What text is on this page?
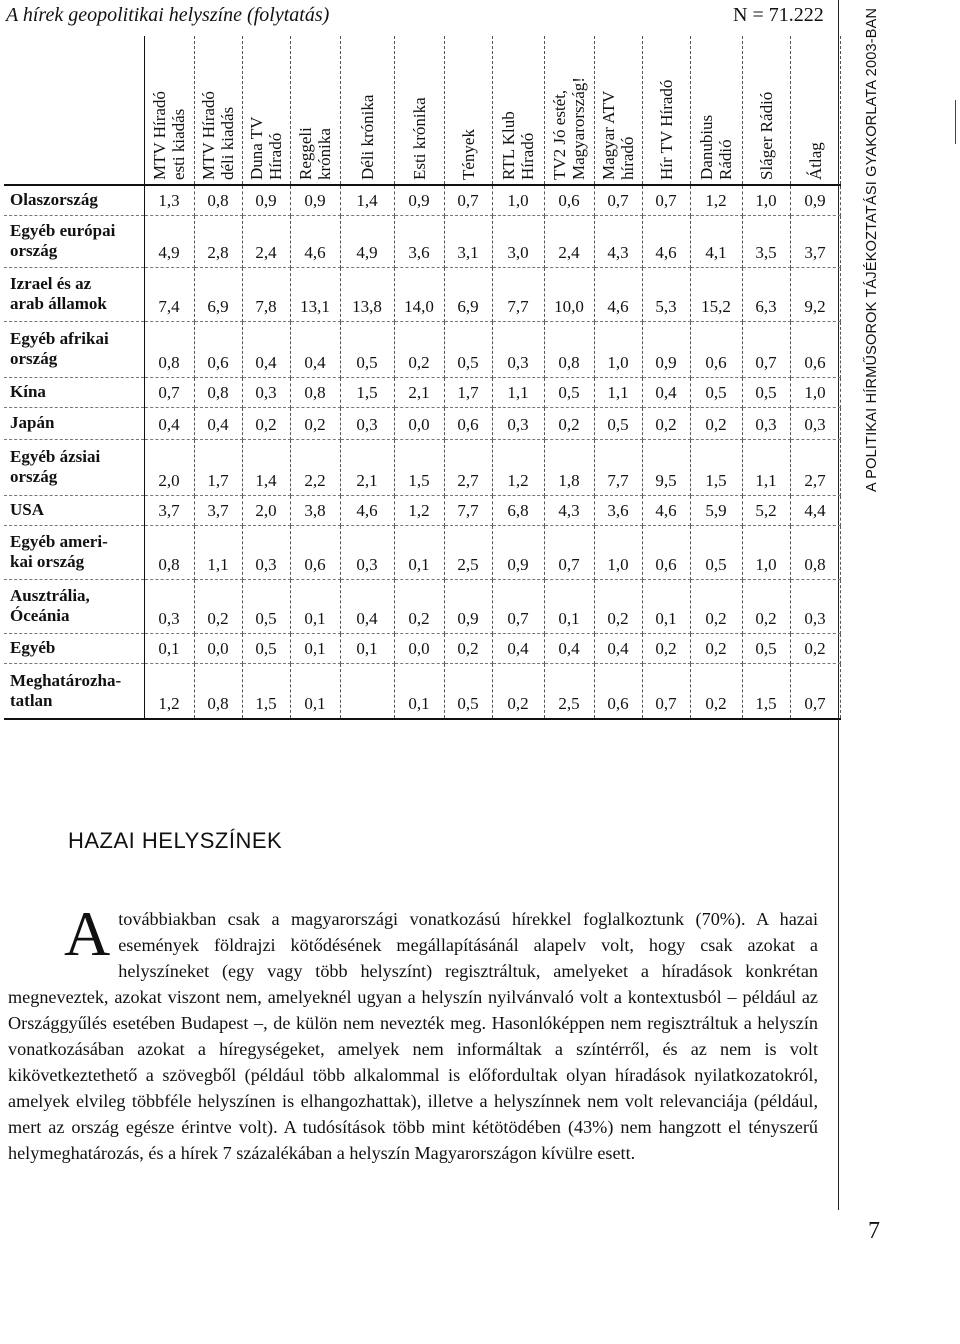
A hírek geopolitikai helyszíne (folytatás)	N = 71.222	A POLITIKAI HÍRMŰSOROK TÁJÉKOZTATÁSI GYAKORLATA 2003-BAN

	MTV Híradó esti kiadás	MTV Híradó déli kiadás	Duna TV Híradó	Reggeli krónika	Déli krónika	Esti krónika	Tények	RTL Klub Híradó	TV2 Jó estét, Magyarország!	Magyar ATV híradó	Hír TV Híradó	Danubius Rádió	Sláger Rádió	Átlag

Olaszország	1,3	0,8	0,9	0,9	1,4	0,9	0,7	1,0	0,6	0,7	0,7	1,2	1,0	0,9

Egyéb európai
ország	4,9	2,8	2,4	4,6	4,9	3,6	3,1	3,0	2,4	4,3	4,6	4,1	3,5	3,7

Izrael és az
arab államok	7,4	6,9	7,8	13,1	13,8	14,0	6,9	7,7	10,0	4,6	5,3	15,2	6,3	9,2

Egyéb afrikai
ország	0,8	0,6	0,4	0,4	0,5	0,2	0,5	0,3	0,8	1,0	0,9	0,6	0,7	0,6

Kína	0,7	0,8	0,3	0,8	1,5	2,1	1,7	1,1	0,5	1,1	0,4	0,5	0,5	1,0

Japán	0,4	0,4	0,2	0,2	0,3	0,0	0,6	0,3	0,2	0,5	0,2	0,2	0,3	0,3

Egyéb ázsiai
ország	2,0	1,7	1,4	2,2	2,1	1,5	2,7	1,2	1,8	7,7	9,5	1,5	1,1	2,7

USA	3,7	3,7	2,0	3,8	4,6	1,2	7,7	6,8	4,3	3,6	4,6	5,9	5,2	4,4

Egyéb ameri-
kai ország	0,8	1,1	0,3	0,6	0,3	0,1	2,5	0,9	0,7	1,0	0,6	0,5	1,0	0,8

Ausztrália,
Óceánia	0,3	0,2	0,5	0,1	0,4	0,2	0,9	0,7	0,1	0,2	0,1	0,2	0,2	0,3

Egyéb	0,1	0,0	0,5	0,1	0,1	0,0	0,2	0,4	0,4	0,4	0,2	0,2	0,5	0,2

Meghatározha-
tatlan	1,2	0,8	1,5	0,1		0,1	0,5	0,2	2,5	0,6	0,7	0,2	1,5	0,7
HAZAI HELYSZÍNEK
A továbbiakban csak a magyarországi vonatkozású hírekkel foglalkoztunk (70%). A hazai események földrajzi kötődésének megállapításánál alapelv volt, hogy csak azokat a helyszíneket (egy vagy több helyszínt) regisztráltuk, amelyeket a híradások konkrétan megneveztek, azokat viszont nem, amelyeknél ugyan a helyszín nyilvánvaló volt a kontextusból – például az Országgyűlés esetében Budapest –, de külön nem nevezték meg. Hasonlóképpen nem regisztráltuk a helyszín vonatkozásában azokat a híregységeket, amelyek nem informáltak a színtérről, és az nem is volt kikövetkeztethető a szövegből (például több alkalommal is előfordultak olyan híradások nyilatkozatokról, amelyek elvileg többféle helyszínen is elhangozhattak), illetve a helyszínnek nem volt relevanciája (például, mert az ország egésze érintve volt). A tudósítások több mint kétötödében (43%) nem hangzott el tényszerű helymeghatározás, és a hírek 7 százalékában a helyszín Magyarországon kívülre esett.

7
